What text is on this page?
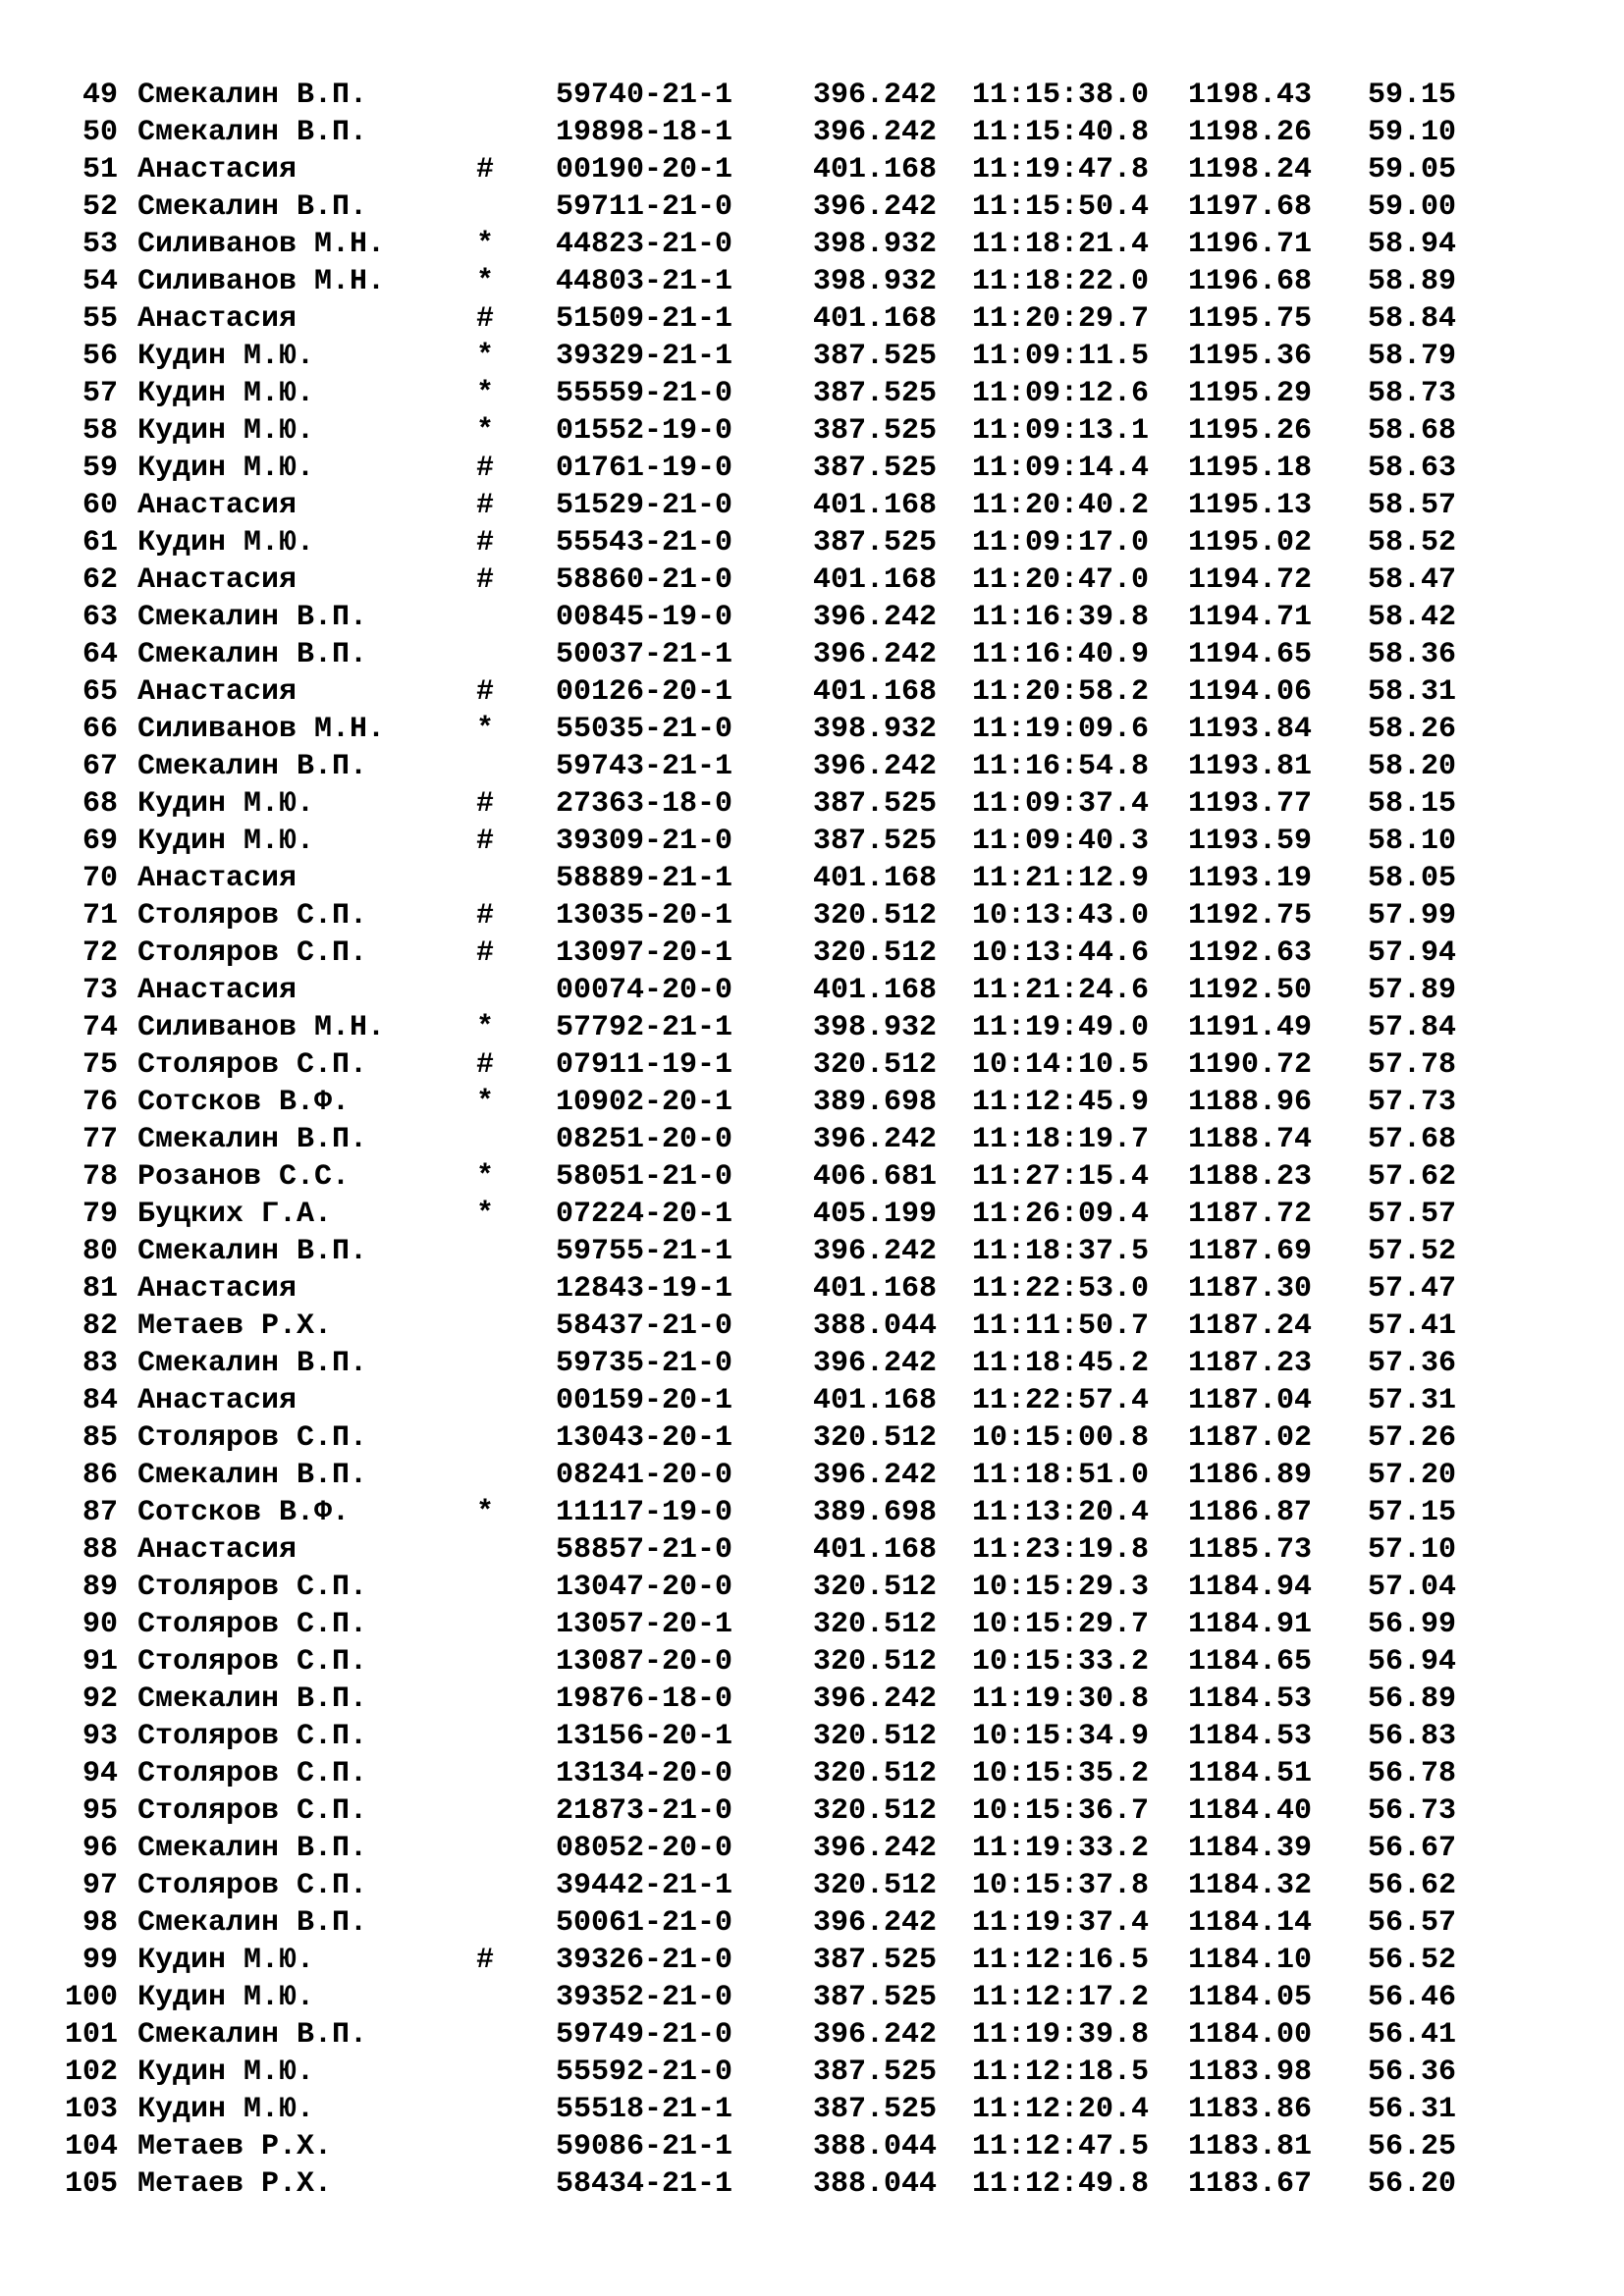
49 Смекалин В.П.	59740-21-1	396.242 11:15:38.0 1198.43 59.15
50 Смекалин В.П.	19898-18-1	396.242 11:15:40.8 1198.26 59.10
51 Анастасия	#	00190-20-1	401.168 11:19:47.8 1198.24 59.05
52 Смекалин В.П.	59711-21-0	396.242 11:15:50.4 1197.68 59.00
53 Силиванов М.Н.	*	44823-21-0	398.932 11:18:21.4 1196.71 58.94
54 Силиванов М.Н.	*	44803-21-1	398.932 11:18:22.0 1196.68 58.89
55 Анастасия	#	51509-21-1	401.168 11:20:29.7 1195.75 58.84
56 Кудин М.Ю.	*	39329-21-1	387.525 11:09:11.5 1195.36 58.79
57 Кудин М.Ю.	*	55559-21-0	387.525 11:09:12.6 1195.29 58.73
58 Кудин М.Ю.	*	01552-19-0	387.525 11:09:13.1 1195.26 58.68
59 Кудин М.Ю.	#	01761-19-0	387.525 11:09:14.4 1195.18 58.63
60 Анастасия	#	51529-21-0	401.168 11:20:40.2 1195.13 58.57
61 Кудин М.Ю.	#	55543-21-0	387.525 11:09:17.0 1195.02 58.52
62 Анастасия	#	58860-21-0	401.168 11:20:47.0 1194.72 58.47
63 Смекалин В.П.	00845-19-0	396.242 11:16:39.8 1194.71 58.42
64 Смекалин В.П.	50037-21-1	396.242 11:16:40.9 1194.65 58.36
65 Анастасия	#	00126-20-1	401.168 11:20:58.2 1194.06 58.31
66 Силиванов М.Н.	*	55035-21-0	398.932 11:19:09.6 1193.84 58.26
67 Смекалин В.П.	59743-21-1	396.242 11:16:54.8 1193.81 58.20
68 Кудин М.Ю.	#	27363-18-0	387.525 11:09:37.4 1193.77 58.15
69 Кудин М.Ю.	#	39309-21-0	387.525 11:09:40.3 1193.59 58.10
70 Анастасия	58889-21-1	401.168 11:21:12.9 1193.19 58.05
71 Столяров С.П.	#	13035-20-1	320.512 10:13:43.0 1192.75 57.99
72 Столяров С.П.	#	13097-20-1	320.512 10:13:44.6 1192.63 57.94
73 Анастасия	00074-20-0	401.168 11:21:24.6 1192.50 57.89
74 Силиванов М.Н.	*	57792-21-1	398.932 11:19:49.0 1191.49 57.84
75 Столяров С.П.	#	07911-19-1	320.512 10:14:10.5 1190.72 57.78
76 Сотсков В.Ф.	*	10902-20-1	389.698 11:12:45.9 1188.96 57.73
77 Смекалин В.П.	08251-20-0	396.242 11:18:19.7 1188.74 57.68
78 Розанов С.С.	*	58051-21-0	406.681 11:27:15.4 1188.23 57.62
79 Буцких Г.А.	*	07224-20-1	405.199 11:26:09.4 1187.72 57.57
80 Смекалин В.П.	59755-21-1	396.242 11:18:37.5 1187.69 57.52
81 Анастасия	12843-19-1	401.168 11:22:53.0 1187.30 57.47
82 Метаев Р.Х.	58437-21-0	388.044 11:11:50.7 1187.24 57.41
83 Смекалин В.П.	59735-21-0	396.242 11:18:45.2 1187.23 57.36
84 Анастасия	00159-20-1	401.168 11:22:57.4 1187.04 57.31
85 Столяров С.П.	13043-20-1	320.512 10:15:00.8 1187.02 57.26
86 Смекалин В.П.	08241-20-0	396.242 11:18:51.0 1186.89 57.20
87 Сотсков В.Ф.	*	11117-19-0	389.698 11:13:20.4 1186.87 57.15
88 Анастасия	58857-21-0	401.168 11:23:19.8 1185.73 57.10
89 Столяров С.П.	13047-20-0	320.512 10:15:29.3 1184.94 57.04
90 Столяров С.П.	13057-20-1	320.512 10:15:29.7 1184.91 56.99
91 Столяров С.П.	13087-20-0	320.512 10:15:33.2 1184.65 56.94
92 Смекалин В.П.	19876-18-0	396.242 11:19:30.8 1184.53 56.89
93 Столяров С.П.	13156-20-1	320.512 10:15:34.9 1184.53 56.83
94 Столяров С.П.	13134-20-0	320.512 10:15:35.2 1184.51 56.78
95 Столяров С.П.	21873-21-0	320.512 10:15:36.7 1184.40 56.73
96 Смекалин В.П.	08052-20-0	396.242 11:19:33.2 1184.39 56.67
97 Столяров С.П.	39442-21-1	320.512 10:15:37.8 1184.32 56.62
98 Смекалин В.П.	50061-21-0	396.242 11:19:37.4 1184.14 56.57
99 Кудин М.Ю.	#	39326-21-0	387.525 11:12:16.5 1184.10 56.52
100 Кудин М.Ю.	39352-21-0	387.525 11:12:17.2 1184.05 56.46
101 Смекалин В.П.	59749-21-0	396.242 11:19:39.8 1184.00 56.41
102 Кудин М.Ю.	55592-21-0	387.525 11:12:18.5 1183.98 56.36
103 Кудин М.Ю.	55518-21-1	387.525 11:12:20.4 1183.86 56.31
104 Метаев Р.Х.	59086-21-1	388.044 11:12:47.5 1183.81 56.25
105 Метаев Р.Х.	58434-21-1	388.044 11:12:49.8 1183.67 56.20
